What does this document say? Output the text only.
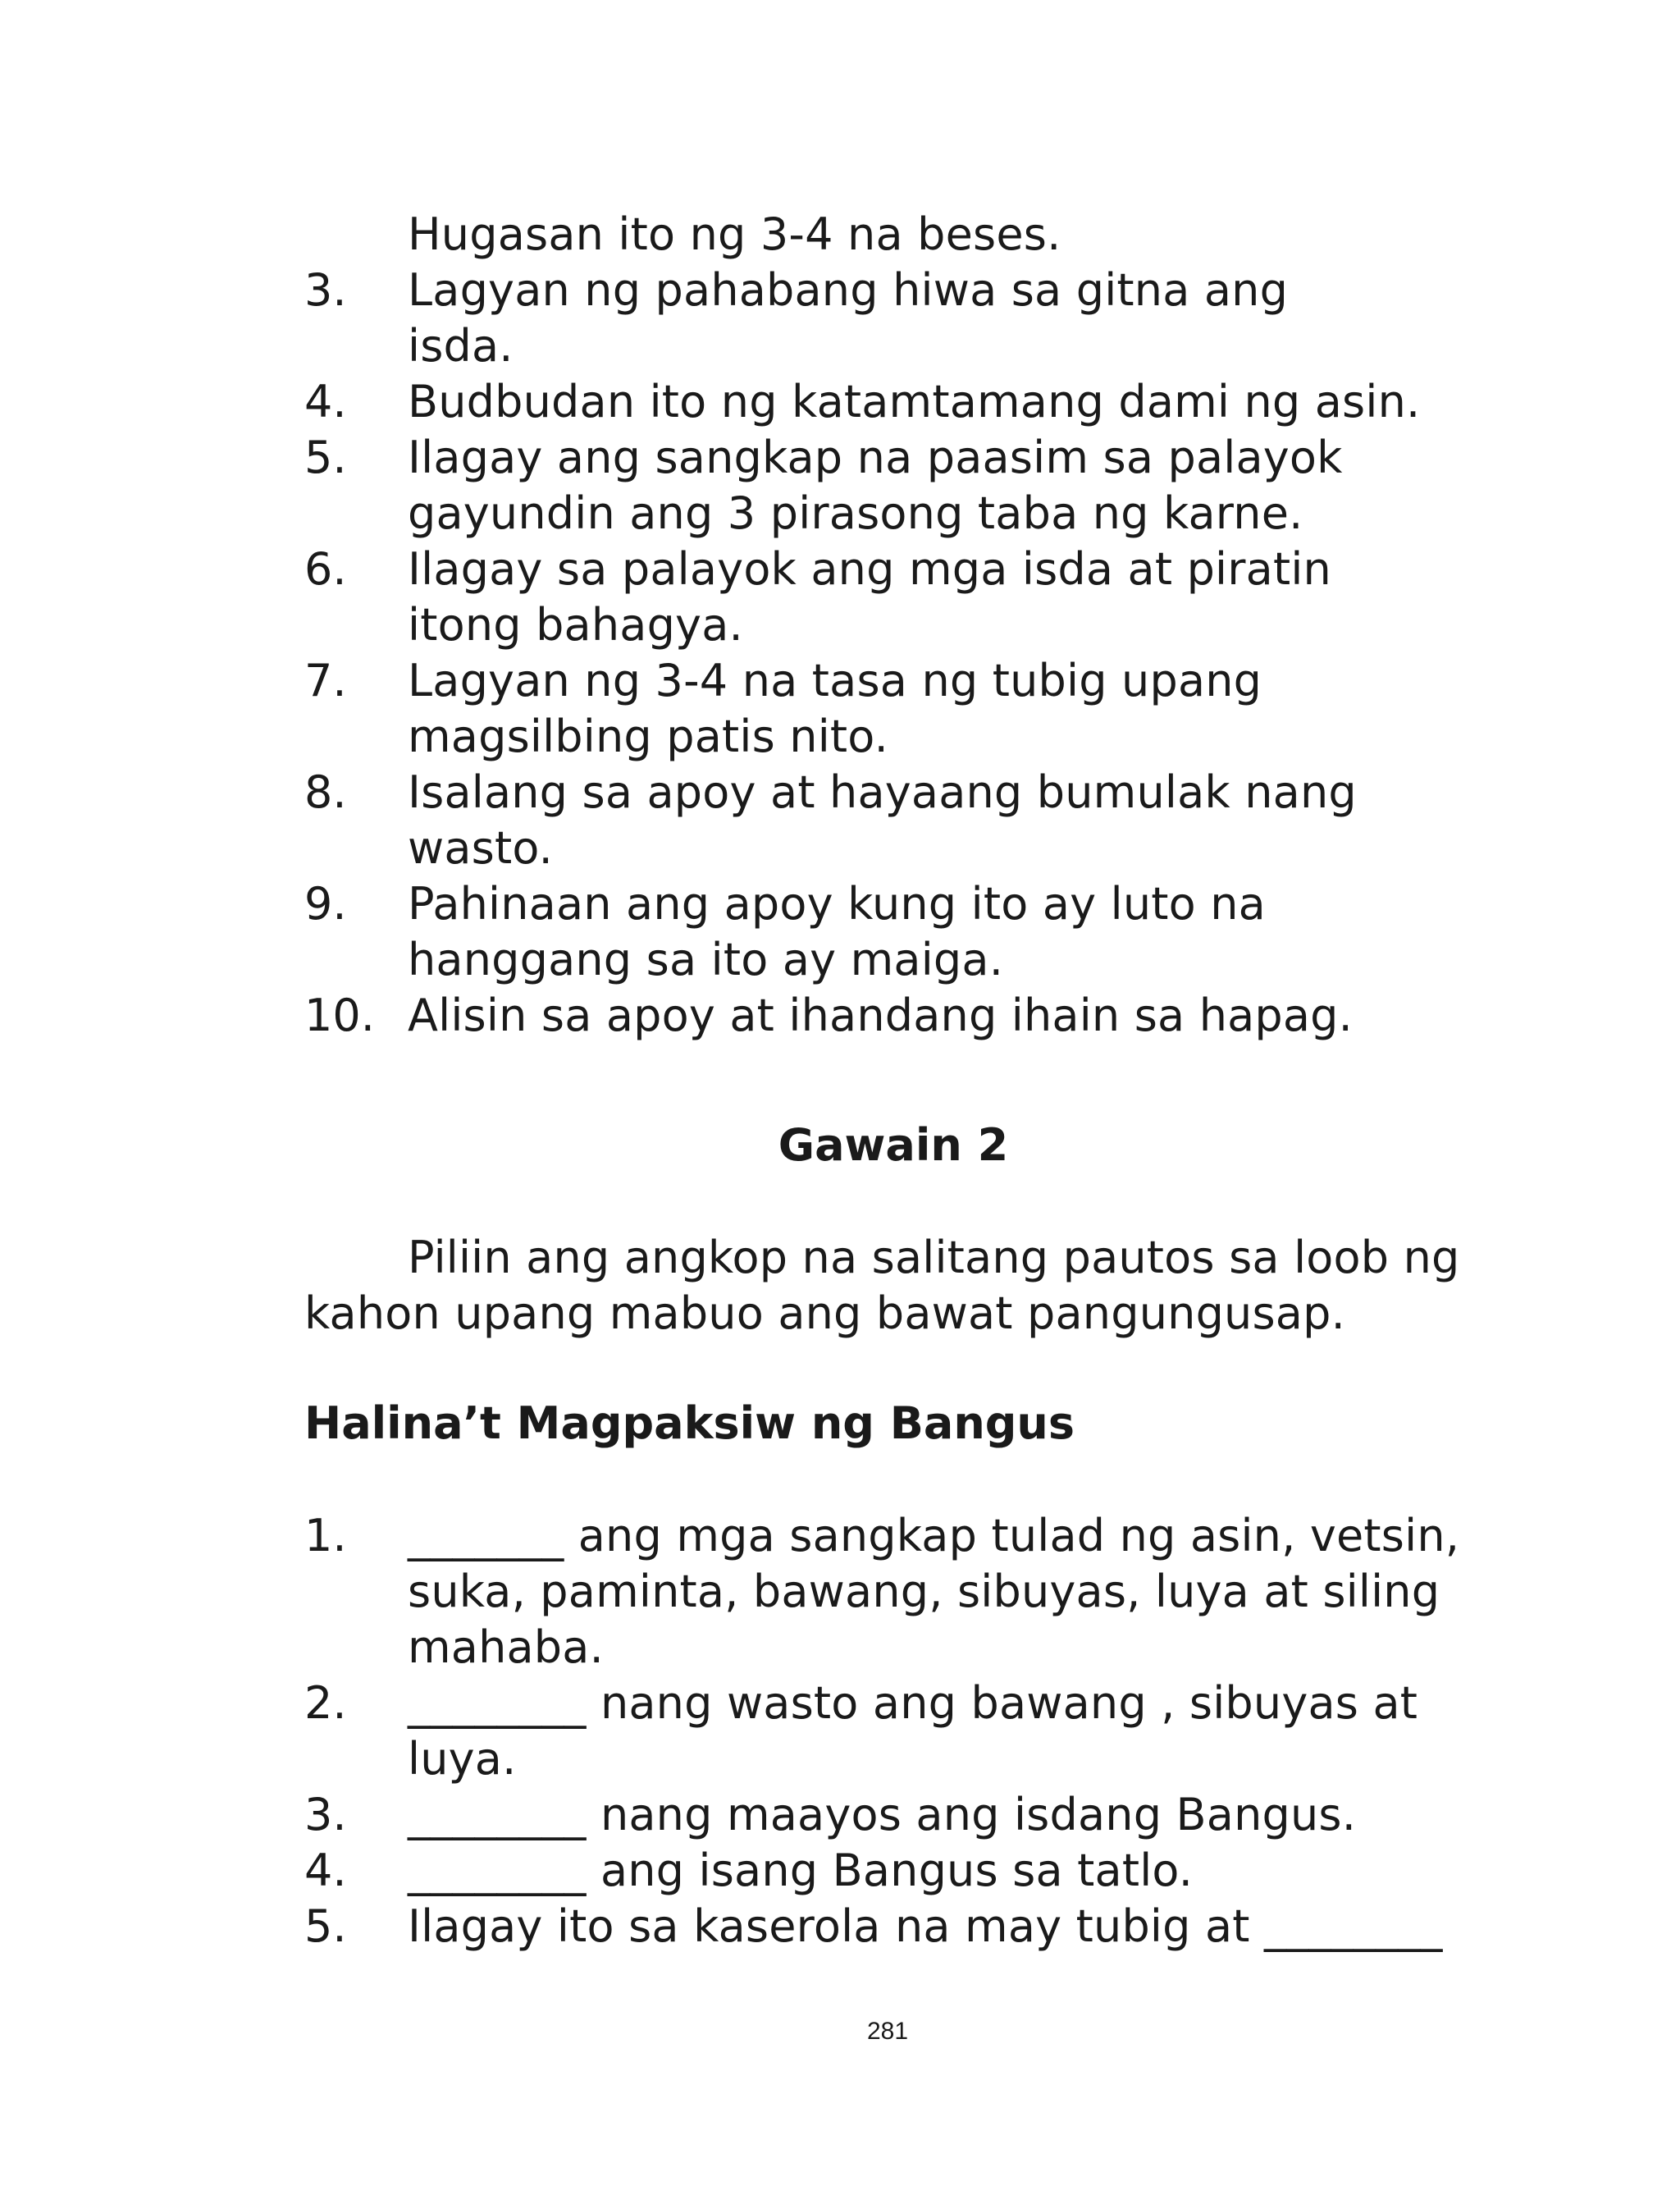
Hugasan ito ng 3-4 na beses.
3. Lagyan ng pahabang hiwa sa gitna ang
isda.
4. Budbudan ito ng katamtamang dami ng asin.
5. Ilagay ang sangkap na paasim sa palayok
gayundin ang 3 pirasong taba ng karne.
6. Ilagay sa palayok ang mga isda at piratin
itong bahagya.
7. Lagyan ng 3-4 na tasa ng tubig upang
magsilbing patis nito.
8. Isalang sa apoy at hayaang bumulak nang
wasto.
9. Pahinaan ang apoy kung ito ay luto na
hanggang sa ito ay maiga.
10. Alisin sa apoy at ihandang ihain sa hapag.
Gawain 2
Piliin ang angkop na salitang pautos sa loob ng
kahon upang mabuo ang bawat pangungusap.
Halina’t Magpaksiw ng Bangus
1. _______ ang mga sangkap tulad ng asin, vetsin,
suka, paminta, bawang, sibuyas, luya at siling
mahaba.
2. ________ nang wasto ang bawang , sibuyas at
luya.
3. ________ nang maayos ang isdang Bangus.
4. ________ ang isang Bangus sa tatlo.
5. Ilagay ito sa kaserola na may tubig at ________
281
